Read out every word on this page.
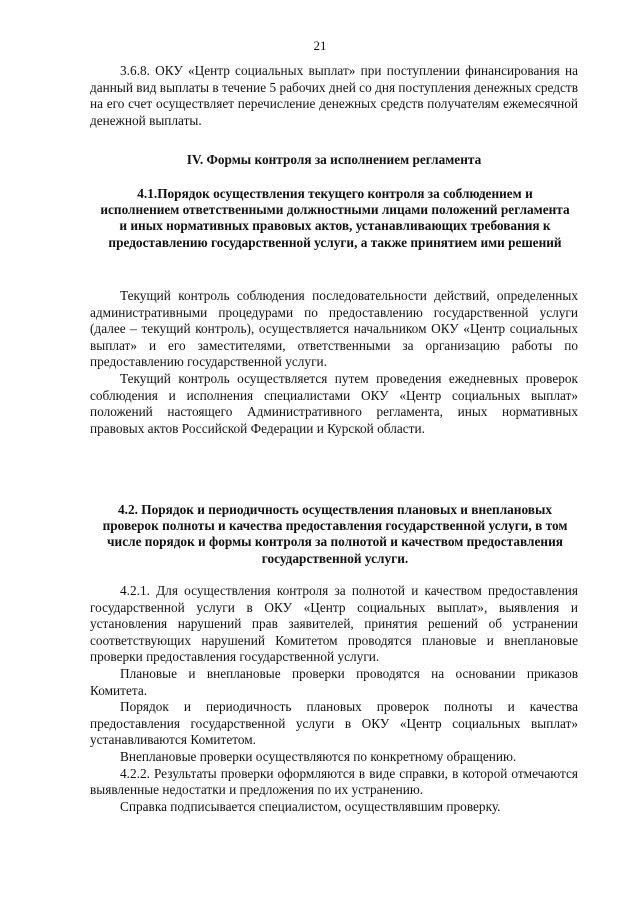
21

3.6.8. ОКУ «Центр социальных выплат» при поступлении финансирования на данный вид выплаты в течение 5 рабочих дней со дня поступления денежных средств на его счет осуществляет перечисление денежных средств получателям ежемесячной денежной выплаты.

IV. Формы контроля за исполнением регламента
4.1.Порядок осуществления текущего контроля за соблюдением и исполнением ответственными должностными лицами положений регламента и иных нормативных правовых актов, устанавливающих требования к предоставлению государственной услуги, а также принятием ими решений

Текущий контроль соблюдения последовательности действий, определенных административными процедурами по предоставлению государственной услуги (далее – текущий контроль), осуществляется начальником ОКУ «Центр социальных выплат» и его заместителями, ответственными за организацию работы по предоставлению государственной услуги.

Текущий контроль осуществляется путем проведения ежедневных проверок соблюдения и исполнения специалистами ОКУ «Центр социальных выплат» положений настоящего Административного регламента, иных нормативных правовых актов Российской Федерации и Курской области.

4.2. Порядок и периодичность осуществления плановых и внеплановых проверок полноты и качества предоставления государственной услуги, в том числе порядок и формы контроля за полнотой и качеством предоставления государственной услуги.

4.2.1. Для осуществления контроля за полнотой и качеством предоставления государственной услуги в ОКУ «Центр социальных выплат», выявления и установления нарушений прав заявителей, принятия решений об устранении соответствующих нарушений Комитетом проводятся плановые и внеплановые проверки предоставления государственной услуги.

Плановые и внеплановые проверки проводятся на основании приказов Комитета.

Порядок и периодичность плановых проверок полноты и качества предоставления государственной услуги в ОКУ «Центр социальных выплат» устанавливаются Комитетом.

Внеплановые проверки осуществляются по конкретному обращению.

4.2.2. Результаты проверки оформляются в виде справки, в которой отмечаются выявленные недостатки и предложения по их устранению.

Справка подписывается специалистом, осуществлявшим проверку.
